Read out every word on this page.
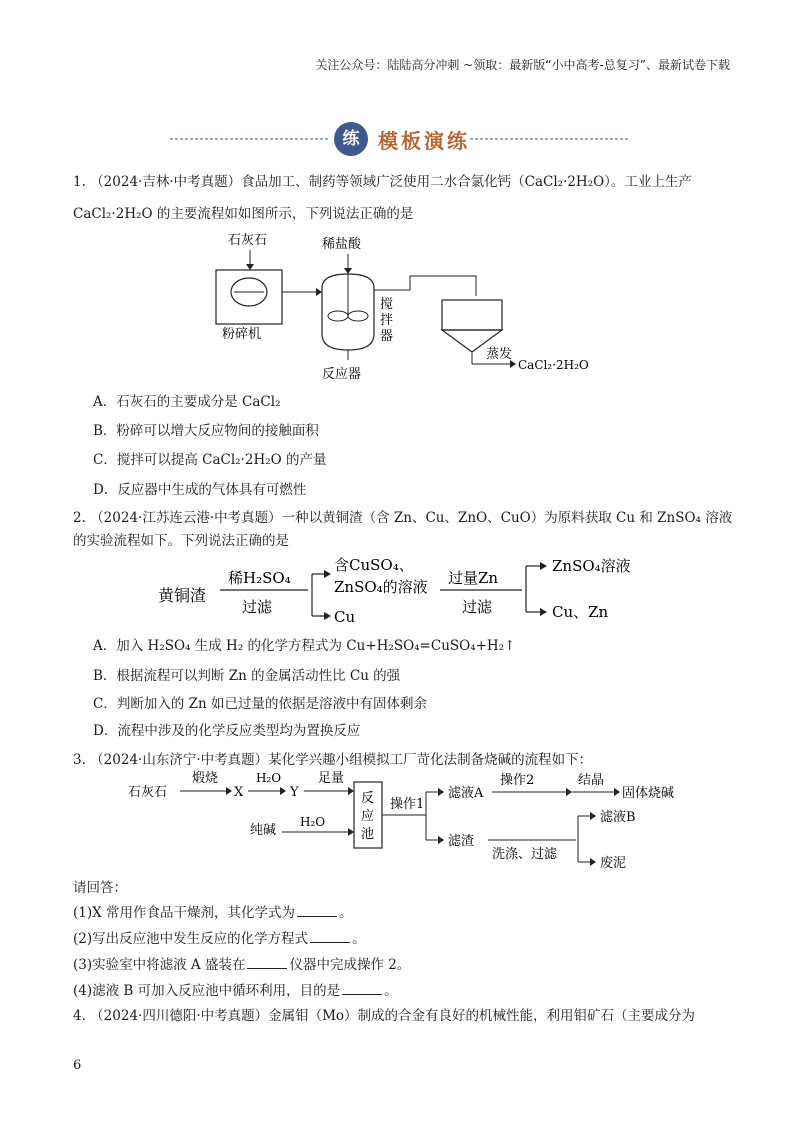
关注公众号：陆陆高分冲刺 ~领取：最新版“小中高考-总复习”、最新试卷下载
练 模板演练
1. （2024·吉林·中考真题）食品加工、制药等领域广泛使用二水合氯化钙（CaCl₂·2H₂O）。工业上生产
CaCl₂·2H₂O 的主要流程如如图所示，下列说法正确的是
石灰石
粉碎机
稀盐酸
搅
拌
器
反应器
蒸发
CaCl₂·2H₂O
A．石灰石的主要成分是 CaCl₂
B．粉碎可以增大反应物间的接触面积
C．搅拌可以提高 CaCl₂·2H₂O 的产量
D．反应器中生成的气体具有可燃性
2. （2024·江苏连云港·中考真题）一种以黄铜渣（含 Zn、Cu、ZnO、CuO）为原料获取 Cu 和 ZnSO₄ 溶液
的实验流程如下。下列说法正确的是
黄铜渣
稀H₂SO₄
过滤
含CuSO₄、
ZnSO₄的溶液
Cu
过量Zn
过滤
ZnSO₄溶液
Cu、Zn
A．加入 H₂SO₄ 生成 H₂ 的化学方程式为 Cu+H₂SO₄=CuSO₄+H₂↑
B．根据流程可以判断 Zn 的金属活动性比 Cu 的强
C．判断加入的 Zn 如已过量的依据是溶液中有固体剩余
D．流程中涉及的化学反应类型均为置换反应
3. （2024·山东济宁·中考真题）某化学兴趣小组模拟工厂苛化法制备烧碱的流程如下：
石灰石
煅烧
X
H₂O
Y
足量
反
应
池
纯碱
H₂O
操作1
滤液A
操作2	结晶
固体烧碱
滤渣
洗涤、过滤
滤液B
废泥
请回答：
(1)X 常用作食品干燥剂，其化学式为	。
(2)写出反应池中发生反应的化学方程式	。
(3)实验室中将滤液 A 盛装在	仪器中完成操作 2。
(4)滤液 B 可加入反应池中循环利用，目的是	。
4. （2024·四川德阳·中考真题）金属钼（Mo）制成的合金有良好的机械性能，利用钼矿石（主要成分为
6
